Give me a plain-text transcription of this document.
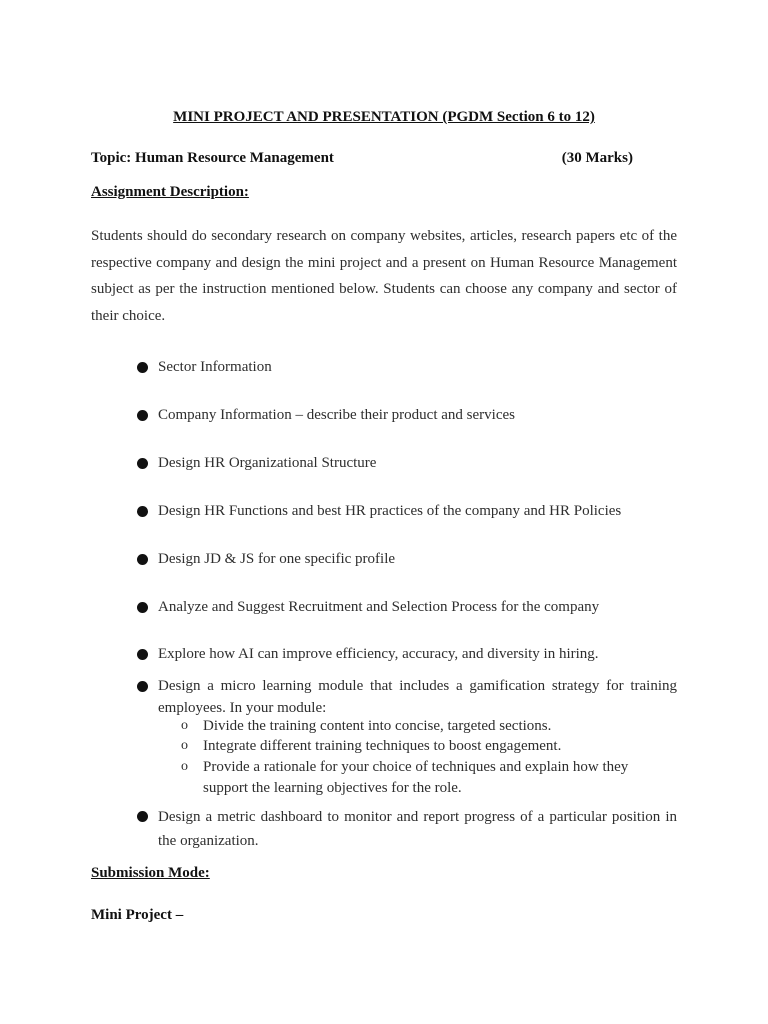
MINI PROJECT AND PRESENTATION (PGDM Section 6 to 12)
Topic: Human Resource Management	(30 Marks)
Assignment Description:
Students should do secondary research on company websites, articles, research papers etc of the respective company and design the mini project and a present on Human Resource Management subject as per the instruction mentioned below. Students can choose any company and sector of their choice.
Sector Information
Company Information – describe their product and services
Design HR Organizational Structure
Design HR Functions and best HR practices of the company and HR Policies
Design JD & JS for one specific profile
Analyze and Suggest Recruitment and Selection Process for the company
Explore how AI can improve efficiency, accuracy, and diversity in hiring.
Design a micro learning module that includes a gamification strategy for training employees. In your module:
o Divide the training content into concise, targeted sections.
o Integrate different training techniques to boost engagement.
o Provide a rationale for your choice of techniques and explain how they support the learning objectives for the role.
Design a metric dashboard to monitor and report progress of a particular position in the organization.
Submission Mode:
Mini Project –
